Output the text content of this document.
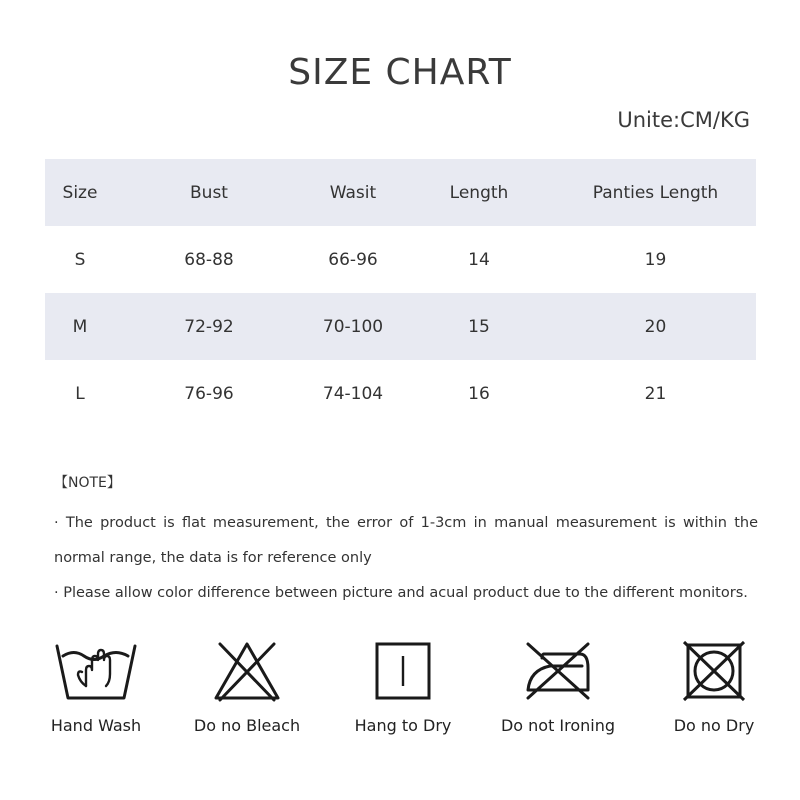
SIZE CHART
Unite:CM/KG
Size	Bust	Wasit	Length	Panties Length
S	68-88	66-96	14	19
M	72-92	70-100	15	20
L	76-96	74-104	16	21
【NOTE】
· The product is flat measurement, the error of 1-3cm in manual measurement is within the
normal range, the data is for reference only
· Please allow color difference between picture and acual product due to the different monitors.
Hand Wash	Do no Bleach	Hang to Dry	Do not Ironing	Do no Dry
